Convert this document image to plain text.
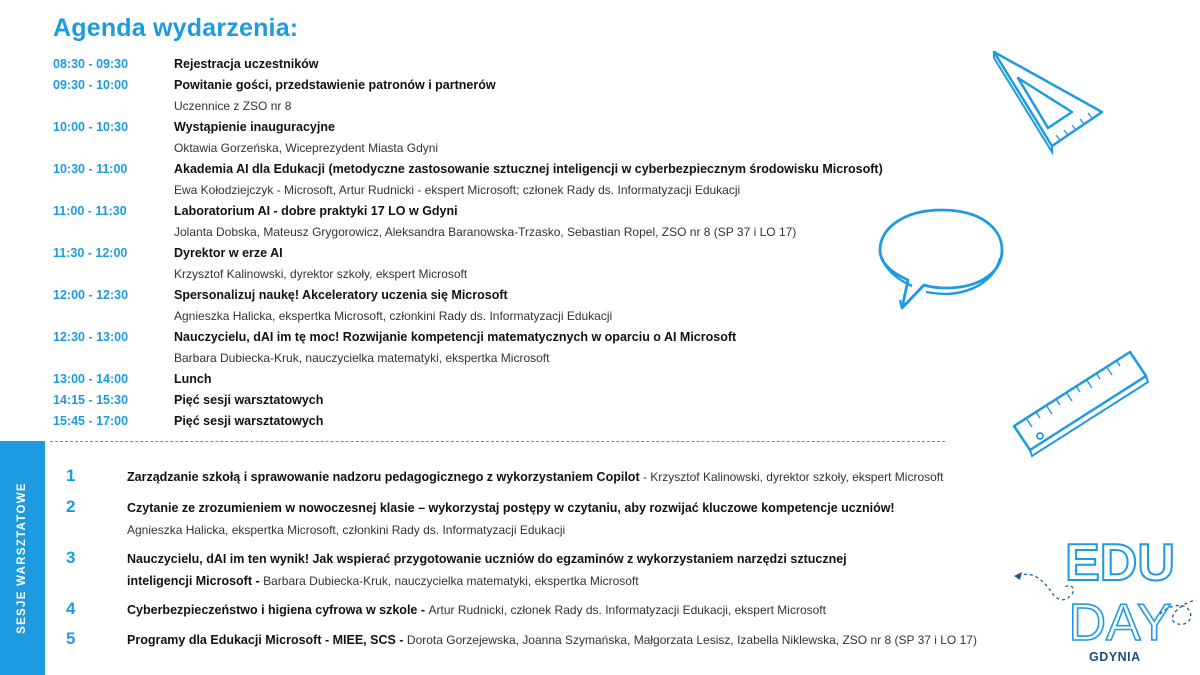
Agenda wydarzenia:
08:30 - 09:30	Rejestracja uczestników
09:30 - 10:00	Powitanie gości, przedstawienie patronów i partnerów
Uczennice z ZSO nr 8
10:00 - 10:30	Wystąpienie inauguracyjne
Oktawia Gorzeńska, Wiceprezydent Miasta Gdyni
10:30 - 11:00	Akademia AI dla Edukacji (metodyczne zastosowanie sztucznej inteligencji w cyberbezpiecznym środowisku Microsoft)
Ewa Kołodziejczyk - Microsoft, Artur Rudnicki - ekspert Microsoft; członek Rady ds. Informatyzacji Edukacji
11:00 - 11:30	Laboratorium AI - dobre praktyki 17 LO w Gdyni
Jolanta Dobska, Mateusz Grygorowicz, Aleksandra Baranowska-Trzasko, Sebastian Ropel, ZSO nr 8 (SP 37 i LO 17)
11:30 - 12:00	Dyrektor w erze AI
Krzysztof Kalinowski, dyrektor szkoły, ekspert Microsoft
12:00 - 12:30	Spersonalizuj naukę! Akceleratory uczenia się Microsoft
Agnieszka Halicka, ekspertka Microsoft, członkini Rady ds. Informatyzacji Edukacji
12:30 - 13:00	Nauczycielu, dAI im tę moc! Rozwijanie kompetencji matematycznych w oparciu o AI Microsoft
Barbara Dubiecka-Kruk, nauczycielka matematyki, ekspertka Microsoft
13:00 - 14:00	Lunch
14:15 - 15:30	Pięć sesji warsztatowych
15:45 - 17:00	Pięć sesji warsztatowych
SESJE WARSZTATOWE
1	Zarządzanie szkołą i sprawowanie nadzoru pedagogicznego z wykorzystaniem Copilot - Krzysztof Kalinowski, dyrektor szkoły, ekspert Microsoft
2	Czytanie ze zrozumieniem w nowoczesnej klasie – wykorzystaj postępy w czytaniu, aby rozwijać kluczowe kompetencje uczniów!
Agnieszka Halicka, ekspertka Microsoft, członkini Rady ds. Informatyzacji Edukacji
3	Nauczycielu, dAI im ten wynik! Jak wspierać przygotowanie uczniów do egzaminów z wykorzystaniem narzędzi sztucznej
inteligencji Microsoft - Barbara Dubiecka-Kruk, nauczycielka matematyki, ekspertka Microsoft
4	Cyberbezpieczeństwo i higiena cyfrowa w szkole - Artur Rudnicki, członek Rady ds. Informatyzacji Edukacji, ekspert Microsoft
5	Programy dla Edukacji Microsoft - MIEE, SCS - Dorota Gorzejewska, Joanna Szymańska, Małgorzata Lesisz, Izabella Niklewska, ZSO nr 8 (SP 37 i LO 17)
EDU
DAY
GDYNIA
